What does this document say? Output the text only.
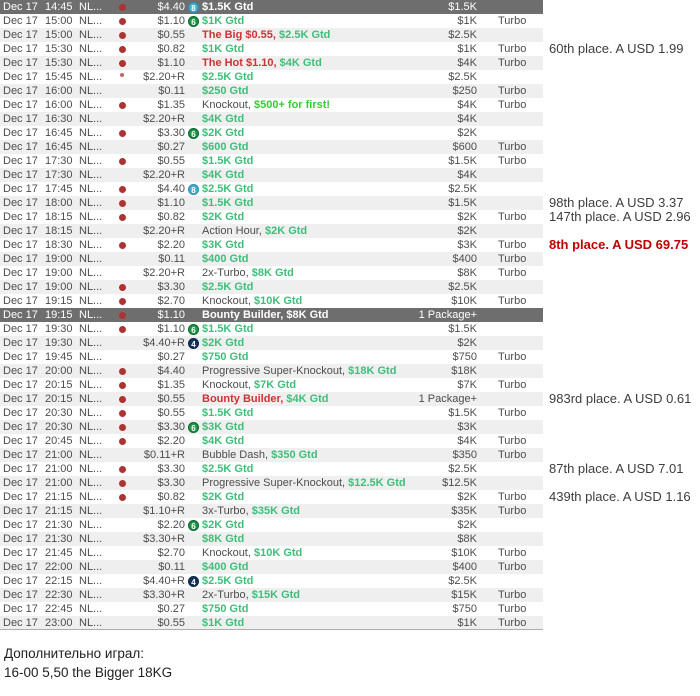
Dec 17 14:45 NL...	$4.40 8 $1.5K Gtd	$1.5K
Dec 17 15:00 NL...	$1.10 6 $1K Gtd	$1K	Turbo
Dec 17 15:00 NL...	$0.55 The Big $0.55, $2.5K Gtd	$2.5K
Dec 17 15:30 NL...	$0.82 $1K Gtd	$1K	Turbo	60th place. A USD 1.99
Dec 17 15:30 NL...	$1.10 The Hot $1.10, $4K Gtd	$4K	Turbo
Dec 17 15:45 NL...	$2.20+R $2.5K Gtd	$2.5K
Dec 17 16:00 NL...	$0.11 $250 Gtd	$250	Turbo
Dec 17 16:00 NL...	$1.35 Knockout, $500+ for first!	$4K	Turbo
Dec 17 16:30 NL...	$2.20+R $4K Gtd	$4K
Dec 17 16:45 NL...	$3.30 6 $2K Gtd	$2K
Dec 17 16:45 NL...	$0.27 $600 Gtd	$600	Turbo
Dec 17 17:30 NL...	$0.55 $1.5K Gtd	$1.5K	Turbo
Dec 17 17:30 NL...	$2.20+R $4K Gtd	$4K
Dec 17 17:45 NL...	$4.40 8 $2.5K Gtd	$2.5K
Dec 17 18:00 NL...	$1.10 $1.5K Gtd	$1.5K	98th place. A USD 3.37
Dec 17 18:15 NL...	$0.82 $2K Gtd	$2K	Turbo	147th place. A USD 2.96
Dec 17 18:15 NL...	$2.20+R Action Hour, $2K Gtd	$2K
Dec 17 18:30 NL...	$2.20 $3K Gtd	$3K	Turbo	8th place. A USD 69.75
Dec 17 19:00 NL...	$0.11 $400 Gtd	$400	Turbo
Dec 17 19:00 NL...	$2.20+R 2x-Turbo, $8K Gtd	$8K	Turbo
Dec 17 19:00 NL...	$3.30 $2.5K Gtd	$2.5K
Dec 17 19:15 NL...	$2.70 Knockout, $10K Gtd	$10K	Turbo
Dec 17 19:15 NL...	$1.10 Bounty Builder, $8K Gtd	1 Package+
Dec 17 19:30 NL...	$1.10 6 $1.5K Gtd	$1.5K
Dec 17 19:30 NL...	$4.40+R 4 $2K Gtd	$2K
Dec 17 19:45 NL...	$0.27 $750 Gtd	$750	Turbo
Dec 17 20:00 NL...	$4.40 Progressive Super-Knockout, $18K Gtd	$18K
Dec 17 20:15 NL...	$1.35 Knockout, $7K Gtd	$7K	Turbo
Dec 17 20:15 NL...	$0.55 Bounty Builder, $4K Gtd	1 Package+	983rd place. A USD 0.61
Dec 17 20:30 NL...	$0.55 $1.5K Gtd	$1.5K	Turbo
Dec 17 20:30 NL...	$3.30 6 $3K Gtd	$3K
Dec 17 20:45 NL...	$2.20 $4K Gtd	$4K	Turbo
Dec 17 21:00 NL...	$0.11+R Bubble Dash, $350 Gtd	$350	Turbo
Dec 17 21:00 NL...	$3.30 $2.5K Gtd	$2.5K	87th place. A USD 7.01
Dec 17 21:00 NL...	$3.30 Progressive Super-Knockout, $12.5K Gtd	$12.5K
Dec 17 21:15 NL...	$0.82 $2K Gtd	$2K	Turbo	439th place. A USD 1.16
Dec 17 21:15 NL...	$1.10+R 3x-Turbo, $35K Gtd	$35K	Turbo
Dec 17 21:30 NL...	$2.20 6 $2K Gtd	$2K
Dec 17 21:30 NL...	$3.30+R $8K Gtd	$8K
Dec 17 21:45 NL...	$2.70 Knockout, $10K Gtd	$10K	Turbo
Dec 17 22:00 NL...	$0.11 $400 Gtd	$400	Turbo
Dec 17 22:15 NL...	$4.40+R 4 $2.5K Gtd	$2.5K
Dec 17 22:30 NL...	$3.30+R 2x-Turbo, $15K Gtd	$15K	Turbo
Dec 17 22:45 NL...	$0.27 $750 Gtd	$750	Turbo
Dec 17 23:00 NL...	$0.55 $1K Gtd	$1K	Turbo
Дополнительно играл:
16-00 5,50 the Bigger 18KG
